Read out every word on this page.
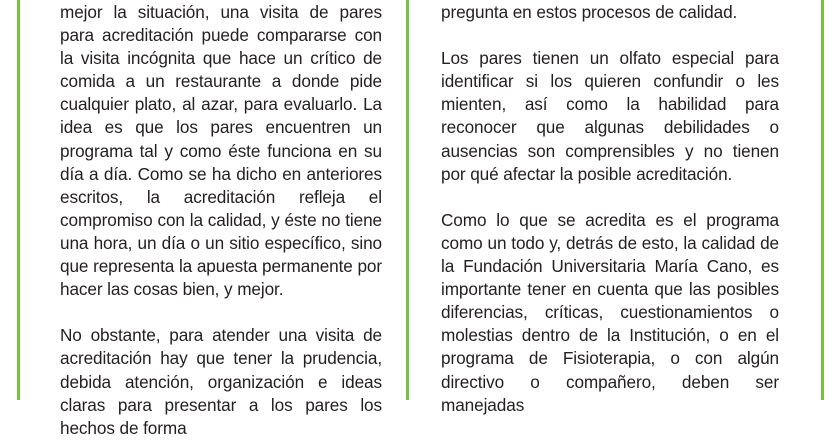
mejor la situación, una visita de pares para acreditación puede compararse con la visita incógnita que hace un crítico de comida a un restaurante a donde pide cualquier plato, al azar, para evaluarlo. La idea es que los pares encuentren un programa tal y como éste funciona en su día a día. Como se ha dicho en anteriores escritos, la acreditación refleja el compromiso con la calidad, y éste no tiene una hora, un día o un sitio específico, sino que representa la apuesta permanente por hacer las cosas bien, y mejor.

No obstante, para atender una visita de acreditación hay que tener la prudencia, debida atención, organización e ideas claras para presentar a los pares los hechos de forma

pregunta en estos procesos de calidad.

Los pares tienen un olfato especial para identificar si los quieren confundir o les mienten, así como la habilidad para reconocer que algunas debilidades o ausencias son comprensibles y no tienen por qué afectar la posible acreditación.

Como lo que se acredita es el programa como un todo y, detrás de esto, la calidad de la Fundación Universitaria María Cano, es importante tener en cuenta que las posibles diferencias, críticas, cuestionamientos o molestias dentro de la Institución, o en el programa de Fisioterapia, o con algún directivo o compañero, deben ser manejadas
